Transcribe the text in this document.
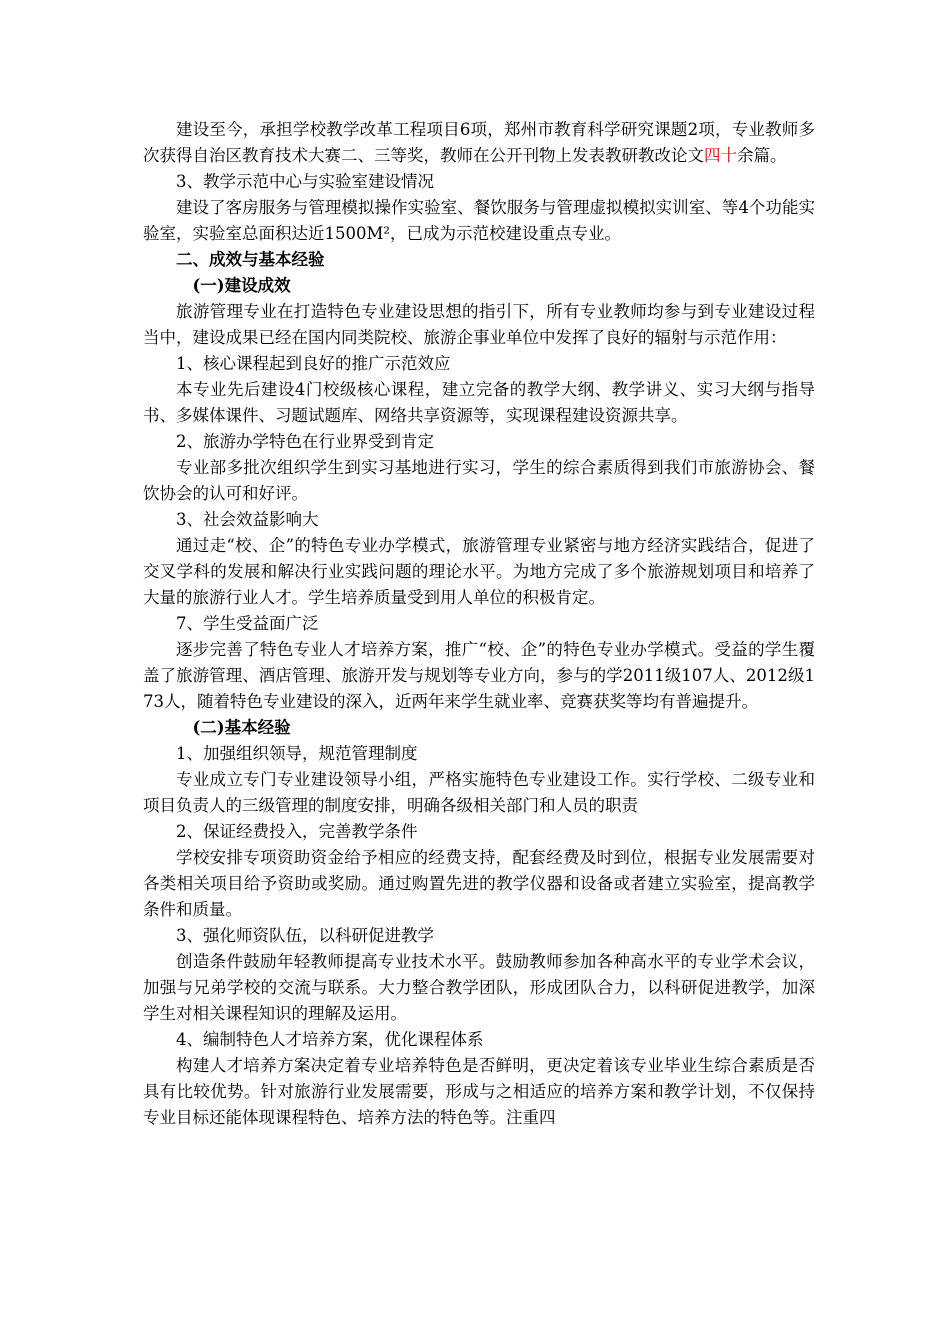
建设至今，承担学校教学改革工程项目6项，郑州市教育科学研究课题2项，专业教师多次获得自治区教育技术大赛二、三等奖，教师在公开刊物上发表教研教改论文四十余篇。

3、教学示范中心与实验室建设情况

建设了客房服务与管理模拟操作实验室、餐饮服务与管理虚拟模拟实训室、等4个功能实验室，实验室总面积达近1500M²，已成为示范校建设重点专业。

二、成效与基本经验

(一)建设成效

旅游管理专业在打造特色专业建设思想的指引下，所有专业教师均参与到专业建设过程当中，建设成果已经在国内同类院校、旅游企事业单位中发挥了良好的辐射与示范作用：

1、核心课程起到良好的推广示范效应

本专业先后建设4门校级核心课程，建立完备的教学大纲、教学讲义、实习大纲与指导书、多媒体课件、习题试题库、网络共享资源等，实现课程建设资源共享。

2、旅游办学特色在行业界受到肯定

专业部多批次组织学生到实习基地进行实习，学生的综合素质得到我们市旅游协会、餐饮协会的认可和好评。

3、社会效益影响大

通过走“校、企”的特色专业办学模式，旅游管理专业紧密与地方经济实践结合，促进了交叉学科的发展和解决行业实践问题的理论水平。为地方完成了多个旅游规划项目和培养了大量的旅游行业人才。学生培养质量受到用人单位的积极肯定。

7、学生受益面广泛

逐步完善了特色专业人才培养方案，推广“校、企”的特色专业办学模式。受益的学生覆盖了旅游管理、酒店管理、旅游开发与规划等专业方向，参与的学2011级107人、2012级173人，随着特色专业建设的深入，近两年来学生就业率、竞赛获奖等均有普遍提升。

(二)基本经验

1、加强组织领导，规范管理制度

专业成立专门专业建设领导小组，严格实施特色专业建设工作。实行学校、二级专业和项目负责人的三级管理的制度安排，明确各级相关部门和人员的职责

2、保证经费投入，完善教学条件

学校安排专项资助资金给予相应的经费支持，配套经费及时到位，根据专业发展需要对各类相关项目给予资助或奖励。通过购置先进的教学仪器和设备或者建立实验室，提高教学条件和质量。

3、强化师资队伍，以科研促进教学

创造条件鼓励年轻教师提高专业技术水平。鼓励教师参加各种高水平的专业学术会议，加强与兄弟学校的交流与联系。大力整合教学团队，形成团队合力，以科研促进教学，加深学生对相关课程知识的理解及运用。

4、编制特色人才培养方案，优化课程体系

构建人才培养方案决定着专业培养特色是否鲜明，更决定着该专业毕业生综合素质是否具有比较优势。针对旅游行业发展需要，形成与之相适应的培养方案和教学计划，不仅保持专业目标还能体现课程特色、培养方法的特色等。注重四
